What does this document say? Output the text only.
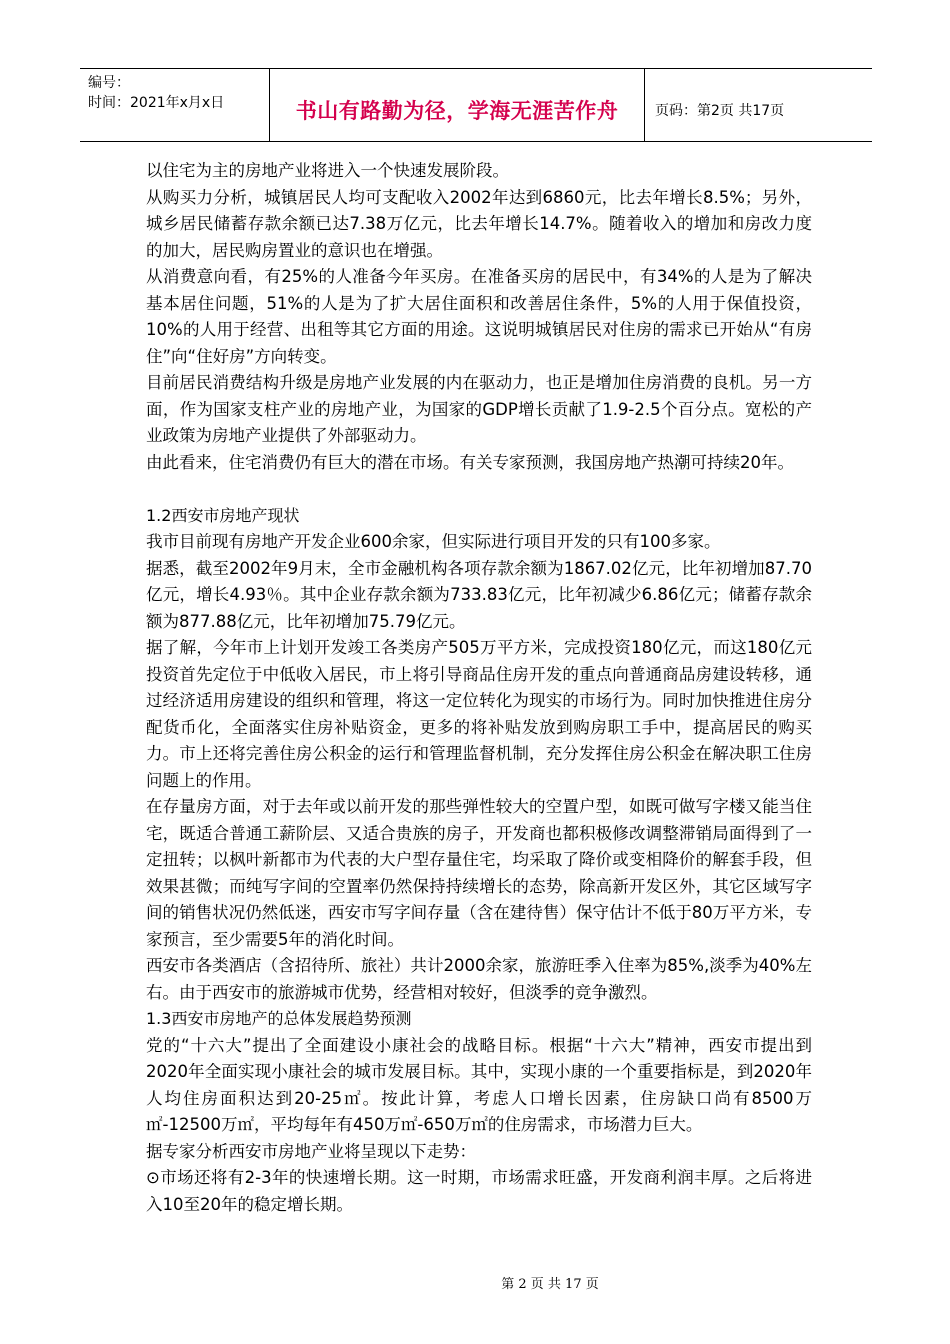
编号：
时间：2021年x月x日	书山有路勤为径，学海无涯苦作舟	页码：第2页 共17页

以住宅为主的房地产业将进入一个快速发展阶段。

从购买力分析，城镇居民人均可支配收入2002年达到6860元，比去年增长8.5%；另外，城乡居民储蓄存款余额已达7.38万亿元，比去年增长14.7%。随着收入的增加和房改力度的加大，居民购房置业的意识也在增强。

从消费意向看，有25%的人准备今年买房。在准备买房的居民中，有34%的人是为了解决基本居住问题，51%的人是为了扩大居住面积和改善居住条件，5%的人用于保值投资，10%的人用于经营、出租等其它方面的用途。这说明城镇居民对住房的需求已开始从“有房住”向“住好房”方向转变。

目前居民消费结构升级是房地产业发展的内在驱动力，也正是增加住房消费的良机。另一方面，作为国家支柱产业的房地产业，为国家的GDP增长贡献了1.9-2.5个百分点。宽松的产业政策为房地产业提供了外部驱动力。

由此看来，住宅消费仍有巨大的潜在市场。有关专家预测，我国房地产热潮可持续20年。

1.2西安市房地产现状

我市目前现有房地产开发企业600余家，但实际进行项目开发的只有100多家。

据悉，截至2002年9月末，全市金融机构各项存款余额为1867.02亿元，比年初增加87.70亿元，增长4.93％。其中企业存款余额为733.83亿元，比年初减少6.86亿元；储蓄存款余额为877.88亿元，比年初增加75.79亿元。

据了解，今年市上计划开发竣工各类房产505万平方米，完成投资180亿元，而这180亿元投资首先定位于中低收入居民，市上将引导商品住房开发的重点向普通商品房建设转移，通过经济适用房建设的组织和管理，将这一定位转化为现实的市场行为。同时加快推进住房分配货币化，全面落实住房补贴资金，更多的将补贴发放到购房职工手中，提高居民的购买力。市上还将完善住房公积金的运行和管理监督机制，充分发挥住房公积金在解决职工住房问题上的作用。

在存量房方面，对于去年或以前开发的那些弹性较大的空置户型，如既可做写字楼又能当住宅，既适合普通工薪阶层、又适合贵族的房子，开发商也都积极修改调整滞销局面得到了一定扭转；以枫叶新都市为代表的大户型存量住宅，均采取了降价或变相降价的解套手段，但效果甚微；而纯写字间的空置率仍然保持持续增长的态势，除高新开发区外，其它区域写字间的销售状况仍然低迷，西安市写字间存量（含在建待售）保守估计不低于80万平方米，专家预言，至少需要5年的消化时间。

西安市各类酒店（含招待所、旅社）共计2000余家，旅游旺季入住率为85%,淡季为40%左右。由于西安市的旅游城市优势，经营相对较好，但淡季的竞争激烈。

1.3西安市房地产的总体发展趋势预测

党的“十六大”提出了全面建设小康社会的战略目标。根据“十六大”精神，西安市提出到2020年全面实现小康社会的城市发展目标。其中，实现小康的一个重要指标是，到2020年人均住房面积达到20-25㎡。按此计算，考虑人口增长因素，住房缺口尚有8500万㎡-12500万㎡，平均每年有450万㎡-650万㎡的住房需求，市场潜力巨大。

据专家分析西安市房地产业将呈现以下走势：

⊙市场还将有2-3年的快速增长期。这一时期，市场需求旺盛，开发商利润丰厚。之后将进入10至20年的稳定增长期。

第 2 页 共 17 页
